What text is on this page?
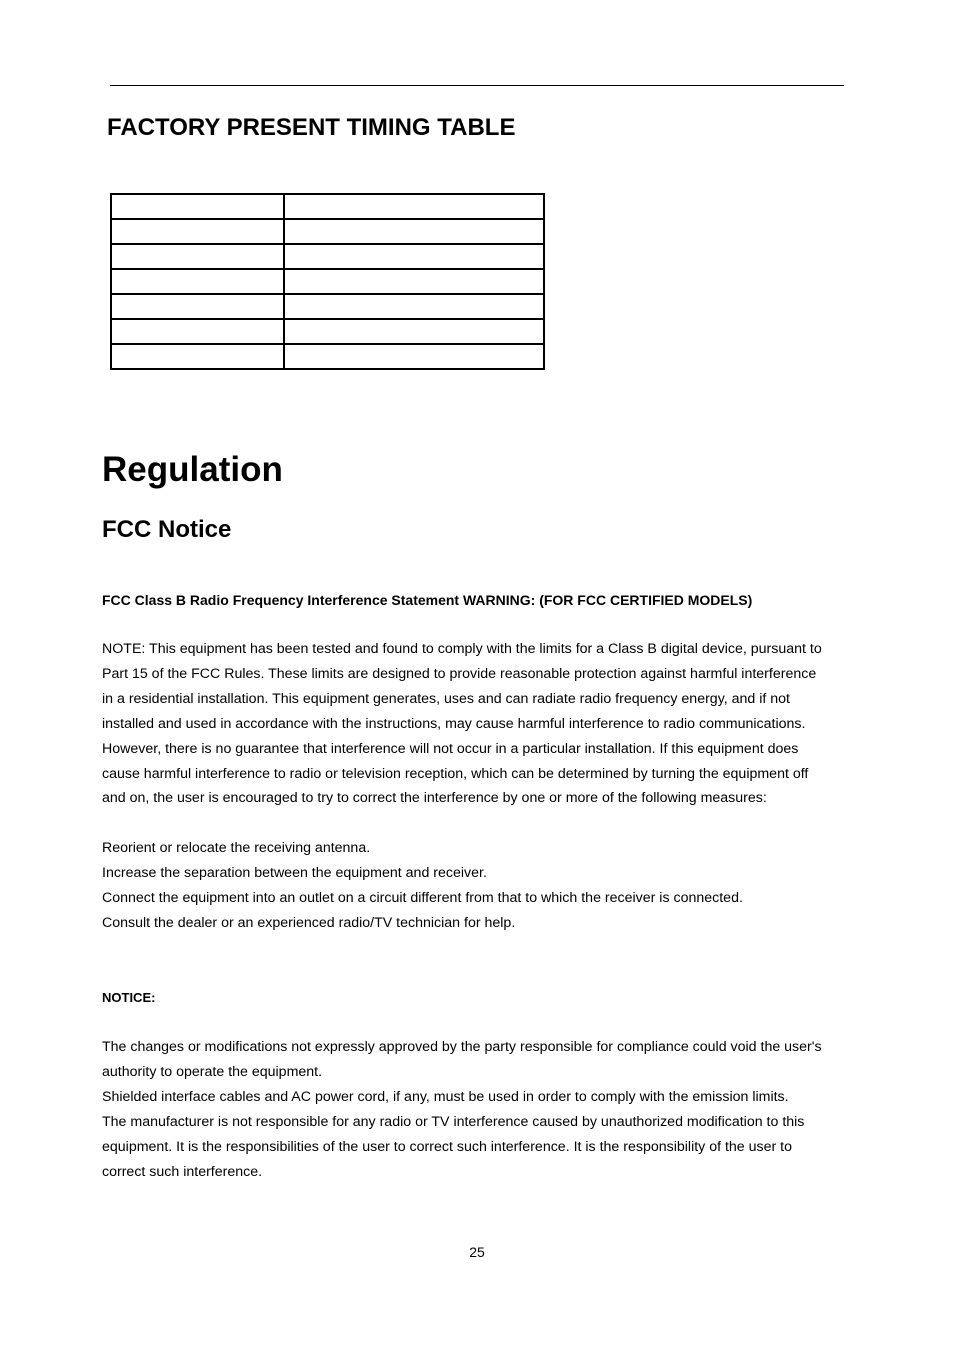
FACTORY PRESENT TIMING TABLE

Regulation
FCC Notice

FCC Class B Radio Frequency Interference Statement WARNING: (FOR FCC CERTIFIED MODELS)

NOTE: This equipment has been tested and found to comply with the limits for a Class B digital device, pursuant to
Part 15 of the FCC Rules. These limits are designed to provide reasonable protection against harmful interference
in a residential installation. This equipment generates, uses and can radiate radio frequency energy, and if not
installed and used in accordance with the instructions, may cause harmful interference to radio communications.
However, there is no guarantee that interference will not occur in a particular installation. If this equipment does
cause harmful interference to radio or television reception, which can be determined by turning the equipment off
and on, the user is encouraged to try to correct the interference by one or more of the following measures:
Reorient or relocate the receiving antenna.
Increase the separation between the equipment and receiver.
Connect the equipment into an outlet on a circuit different from that to which the receiver is connected.
Consult the dealer or an experienced radio/TV technician for help.

NOTICE:

The changes or modifications not expressly approved by the party responsible for compliance could void the user's
authority to operate the equipment.
Shielded interface cables and AC power cord, if any, must be used in order to comply with the emission limits.
The manufacturer is not responsible for any radio or TV interference caused by unauthorized modification to this
equipment. It is the responsibilities of the user to correct such interference. It is the responsibility of the user to
correct such interference.

25
